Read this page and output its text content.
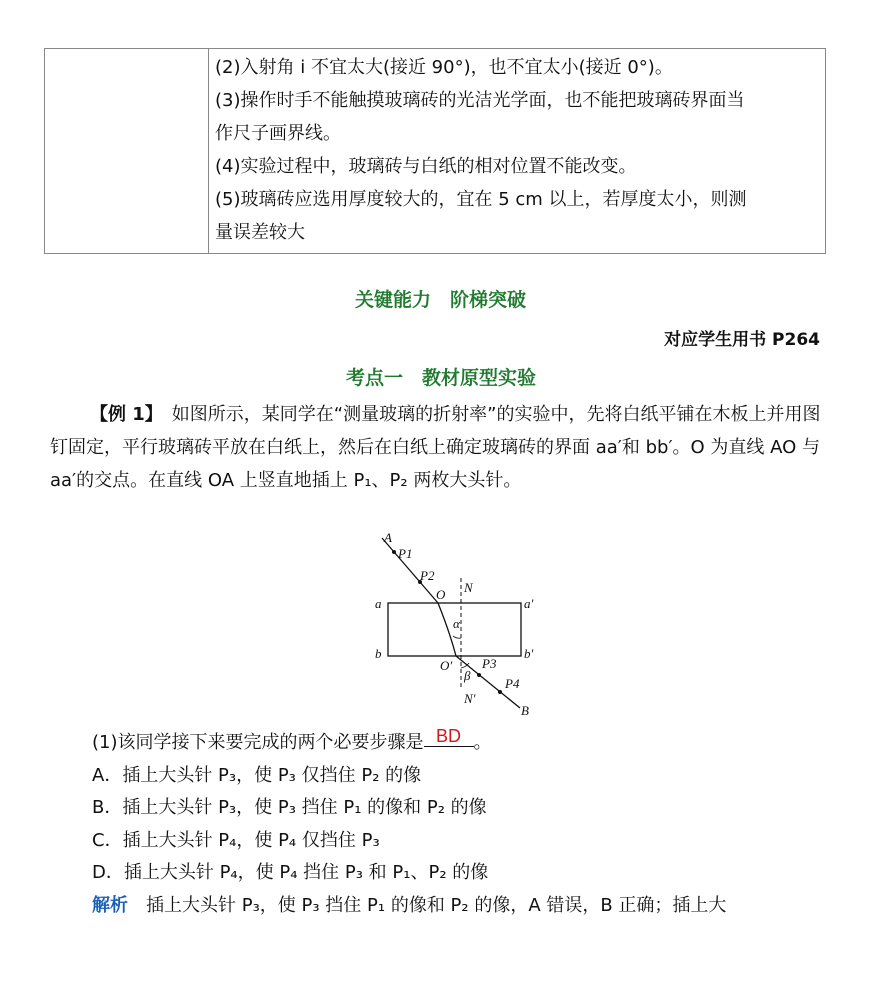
(2)入射角 i 不宜太大(接近 90°)，也不宜太小(接近 0°)。
(3)操作时手不能触摸玻璃砖的光洁光学面，也不能把玻璃砖界面当
作尺子画界线。
(4)实验过程中，玻璃砖与白纸的相对位置不能改变。
(5)玻璃砖应选用厚度较大的，宜在 5 cm 以上，若厚度太小，则测
量误差较大
关键能力　阶梯突破
对应学生用书 P264
考点一　教材原型实验
【例 1】　 如图所示，某同学在“测量玻璃的折射率”的实验中，先将白纸平铺在木板上并用图钉固定，平行玻璃砖平放在白纸上，然后在白纸上确定玻璃砖的界面 aa′和 bb′。O 为直线 AO 与 aa′的交点。在直线 OA 上竖直地插上 P₁、P₂ 两枚大头针。
A
P1
P2
O N
a	a′
α
b	b′
O′ P3
β
P4
N′
B
(1)该同学接下来要完成的两个必要步骤是 BD 。
A．插上大头针 P₃，使 P₃ 仅挡住 P₂ 的像
B．插上大头针 P₃，使 P₃ 挡住 P₁ 的像和 P₂ 的像
C．插上大头针 P₄，使 P₄ 仅挡住 P₃
D．插上大头针 P₄，使 P₄ 挡住 P₃ 和 P₁、P₂ 的像
解析　 插上大头针 P₃，使 P₃ 挡住 P₁ 的像和 P₂ 的像，A 错误，B 正确；插上大
